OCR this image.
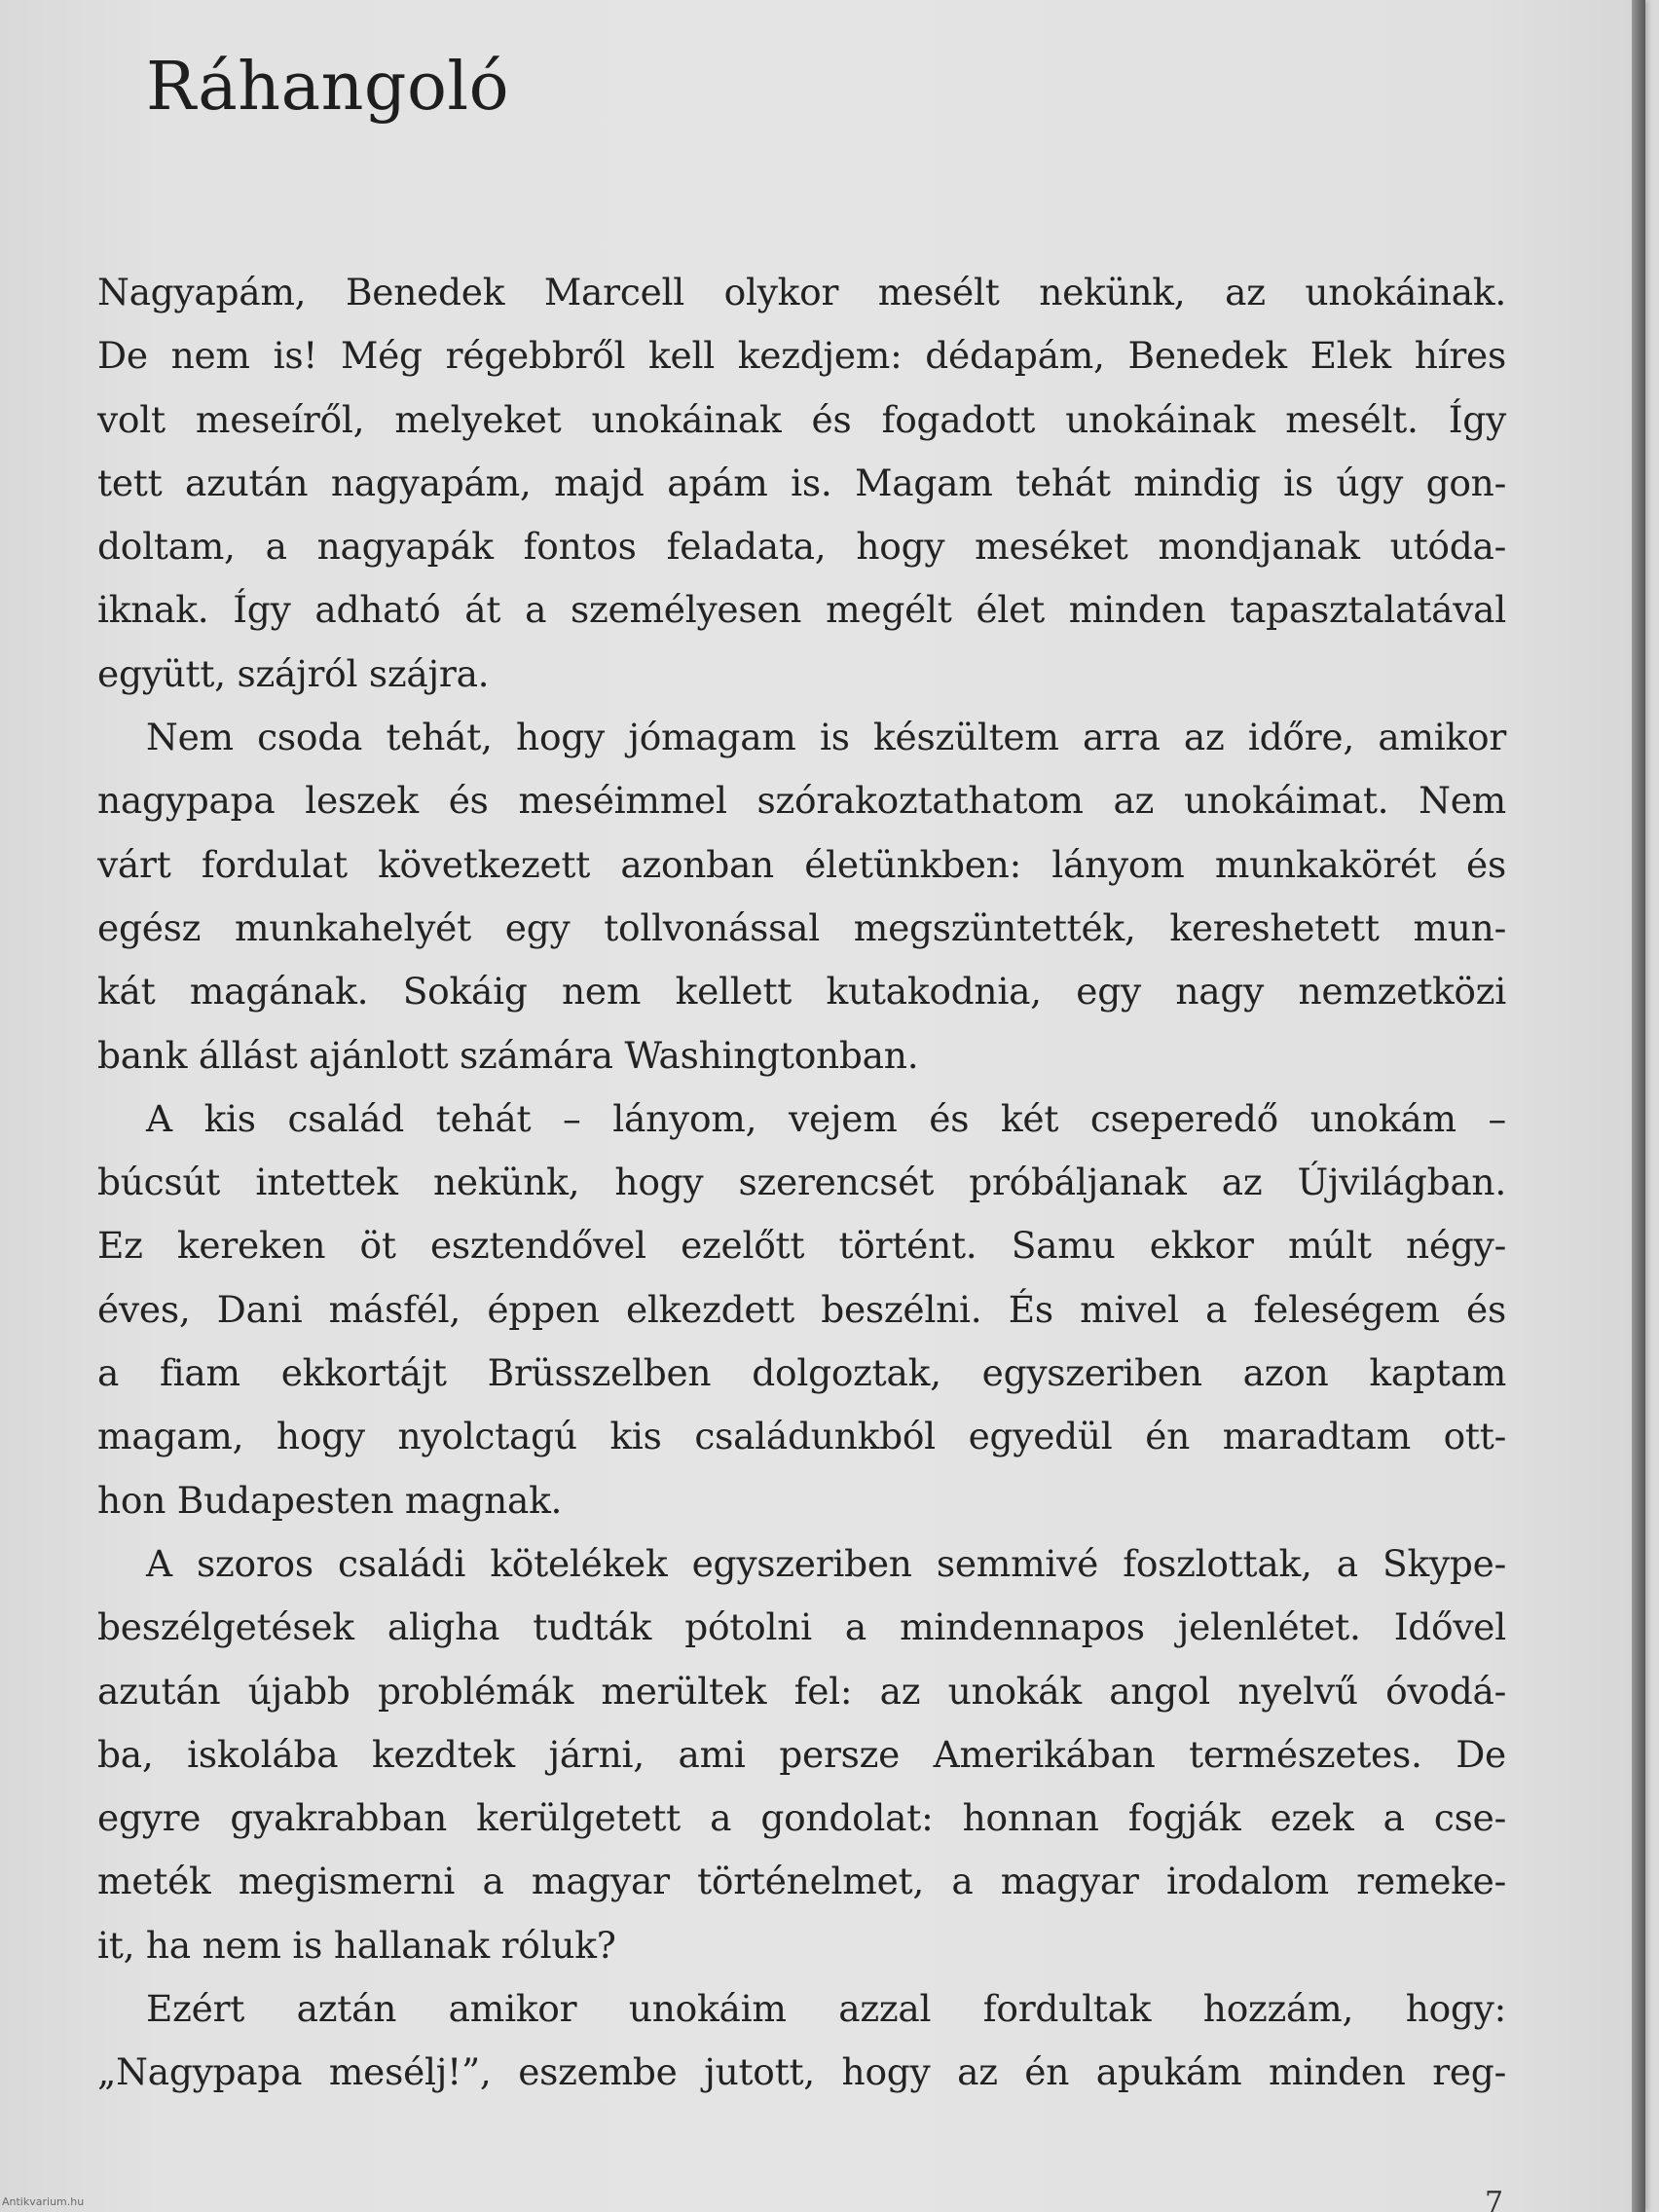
Ráhangoló
Nagyapám, Benedek Marcell olykor mesélt nekünk, az unokáinak.
De nem is! Még régebbről kell kezdjem: dédapám, Benedek Elek híres
volt meseíről, melyeket unokáinak és fogadott unokáinak mesélt. Így
tett azután nagyapám, majd apám is. Magam tehát mindig is úgy gon-
doltam, a nagyapák fontos feladata, hogy meséket mondjanak utóda-
iknak. Így adható át a személyesen megélt élet minden tapasztalatával
együtt, szájról szájra.
Nem csoda tehát, hogy jómagam is készültem arra az időre, amikor
nagypapa leszek és meséimmel szórakoztathatom az unokáimat. Nem
várt fordulat következett azonban életünkben: lányom munkakörét és
egész munkahelyét egy tollvonással megszüntették, kereshetett mun-
kát magának. Sokáig nem kellett kutakodnia, egy nagy nemzetközi
bank állást ajánlott számára Washingtonban.
A kis család tehát – lányom, vejem és két cseperedő unokám –
búcsút intettek nekünk, hogy szerencsét próbáljanak az Újvilágban.
Ez kereken öt esztendővel ezelőtt történt. Samu ekkor múlt négy-
éves, Dani másfél, éppen elkezdett beszélni. És mivel a feleségem és
a fiam ekkortájt Brüsszelben dolgoztak, egyszeriben azon kaptam
magam, hogy nyolctagú kis családunkból egyedül én maradtam ott-
hon Budapesten magnak.
A szoros családi kötelékek egyszeriben semmivé foszlottak, a Skype-
beszélgetések aligha tudták pótolni a mindennapos jelenlétet. Idővel
azután újabb problémák merültek fel: az unokák angol nyelvű óvodá-
ba, iskolába kezdtek járni, ami persze Amerikában természetes. De
egyre gyakrabban kerülgetett a gondolat: honnan fogják ezek a cse-
meték megismerni a magyar történelmet, a magyar irodalom remeke-
it, ha nem is hallanak róluk?
Ezért aztán amikor unokáim azzal fordultak hozzám, hogy:
„Nagypapa mesélj!”, eszembe jutott, hogy az én apukám minden reg-
7
Antikvarium.hu
